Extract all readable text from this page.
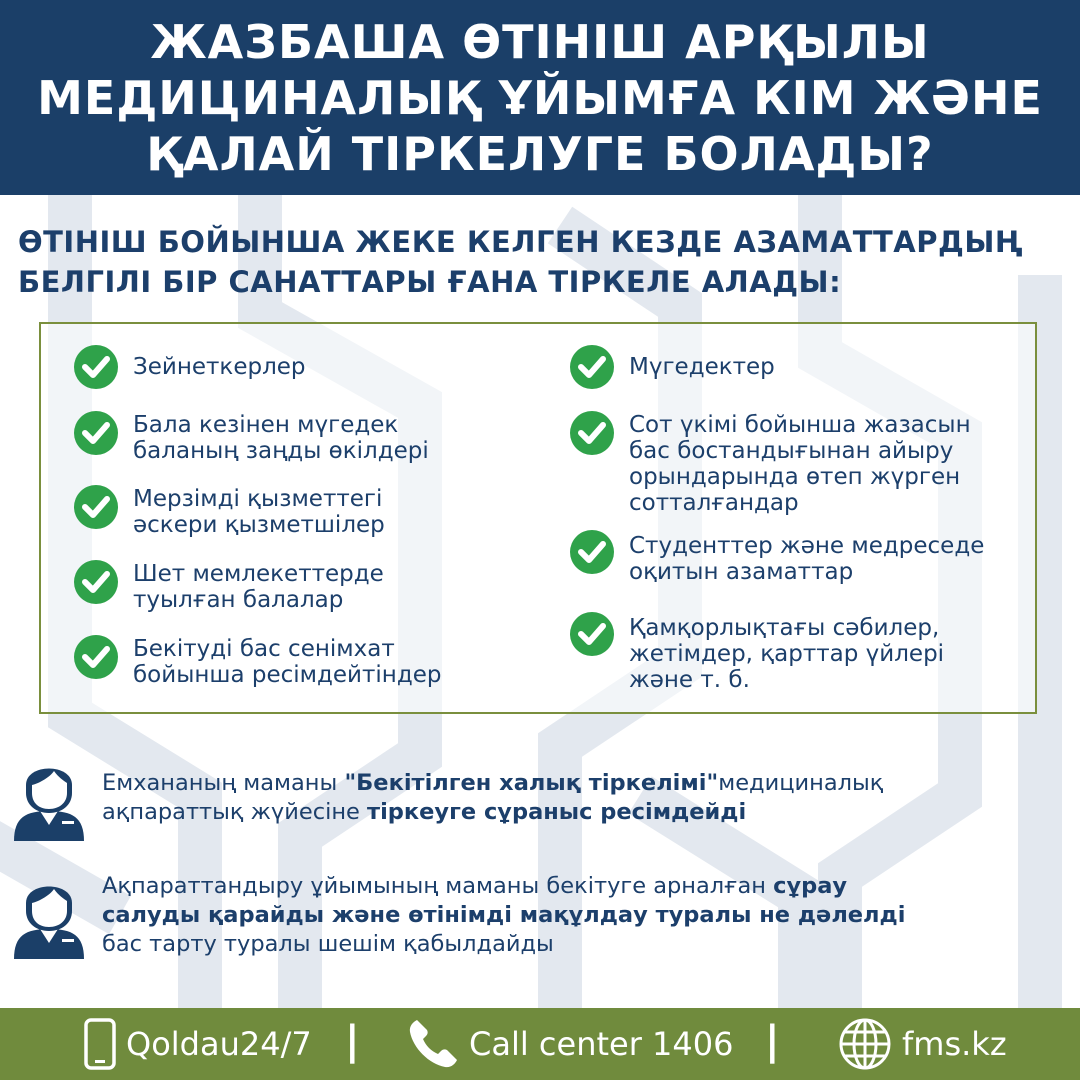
ЖАЗБАША ӨТІНІШ АРҚЫЛЫ
МЕДИЦИНАЛЫҚ ҰЙЫМҒА КІМ ЖӘНЕ
ҚАЛАЙ ТІРКЕЛУГЕ БОЛАДЫ?
ӨТІНІШ БОЙЫНША ЖЕКЕ КЕЛГЕН КЕЗДЕ АЗАМАТТАРДЫҢ
БЕЛГІЛІ БІР САНАТТАРЫ ҒАНА ТІРКЕЛЕ АЛАДЫ:
Зейнеткерлер
Бала кезінен мүгедек
баланың заңды өкілдері
Мерзімді қызметтегі
әскери қызметшілер
Шет мемлекеттерде
туылған балалар
Бекітуді бас сенімхат
бойынша ресімдейтіндер
Мүгедектер
Сот үкімі бойынша жазасын
бас бостандығынан айыру
орындарында өтеп жүрген
сотталғандар
Студенттер және медреседе
оқитын азаматтар
Қамқорлықтағы сәбилер,
жетімдер, қарттар үйлері
және т. б.
Емхананың маманы "Бекітілген халық тіркелімі"медициналық
ақпараттық жүйесіне тіркеуге сұраныс ресімдейді
Ақпараттандыру ұйымының маманы бекітуге арналған сұрау
салуды қарайды және өтінімді мақұлдау туралы не дәлелді
бас тарту туралы шешім қабылдайды
Qoldau24/7 |	Call center 1406 |	fms.kz
